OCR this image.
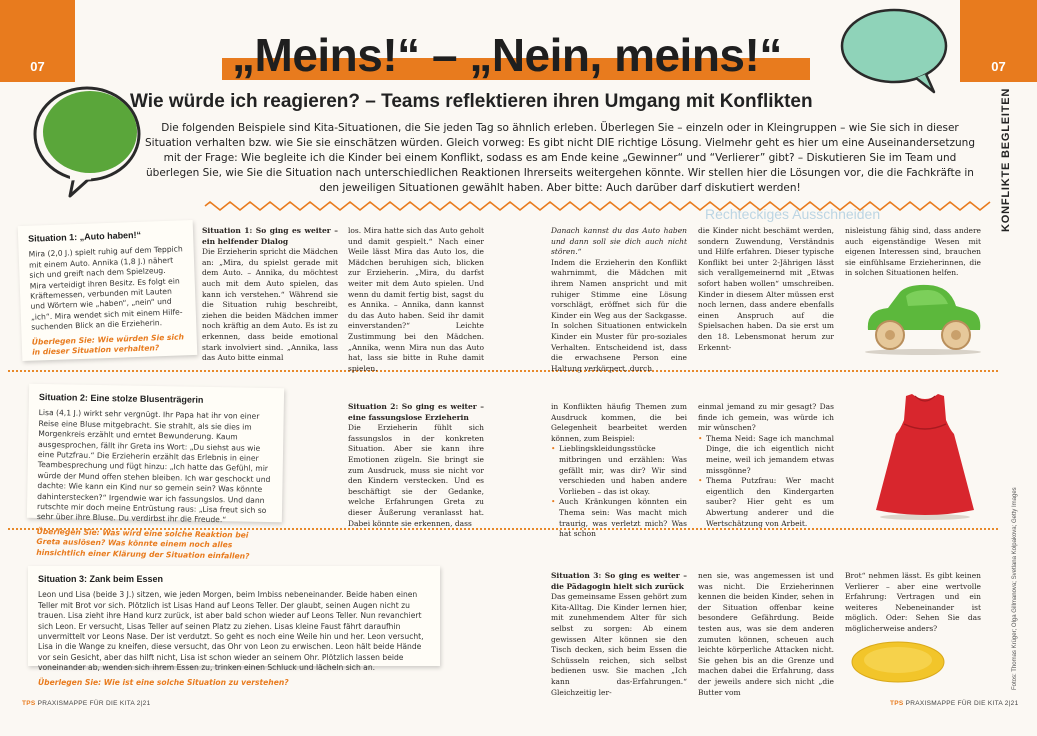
07	07
„Meins!“ – „Nein, meins!“
Wie würde ich reagieren? – Teams reflektieren ihren Umgang mit Konflikten
Die folgenden Beispiele sind Kita-Situationen, die Sie jeden Tag so ähnlich erleben. Überlegen Sie – einzeln oder in Kleingruppen – wie Sie sich in dieser Situation verhalten bzw. wie Sie sie einschätzen würden. Gleich vorweg: Es gibt nicht DIE richtige Lösung. Vielmehr geht es hier um eine Auseinandersetzung mit der Frage: Wie begleite ich die Kinder bei einem Konflikt, sodass es am Ende keine „Gewinner“ und “Verlierer” gibt? – Diskutieren Sie im Team und überlegen Sie, wie Sie die Situation nach unterschiedlichen Reaktionen Ihrerseits weitergehen könnte. Wir stellen hier die Lösungen vor, die die Fachkräfte in den jeweiligen Situationen gewählt haben. Aber bitte: Auch darüber darf diskutiert werden!	KONFLIKTE BEGLEITEN
Rechteckiges Ausschneiden
Situation 1: „Auto haben!“
Mira (2,0 J.) spielt ruhig auf dem Teppich mit einem Auto. Annika (1,8 J.) nähert sich und greift nach dem Spielzeug. Mira verteidigt ihren Besitz. Es folgt ein Kräftemessen, verbunden mit Lauten und Wörtern wie „haben“, „nein“ und „ich“. Mira wendet sich mit einem Hilfe-suchenden Blick an die Erzieherin.
Überlegen Sie: Wie würden Sie sich in dieser Situation verhalten?
Situation 1: So ging es weiter – ein helfender Dialog
Die Erzieherin spricht die Mädchen an: „Mira, du spielst gerade mit dem Auto. – Annika, du möchtest auch mit dem Auto spielen, das kann ich verstehen.“ Während sie die Situation ruhig beschreibt, ziehen die beiden Mädchen immer noch kräftig an dem Auto. Es ist zu erkennen, dass beide emotional stark involviert sind. „Annika, lass das Auto bitte einmal
los. Mira hatte sich das Auto geholt und damit gespielt.“ Nach einer Weile lässt Mira das Auto los, die Mädchen beruhigen sich, blicken zur Erzieherin. „Mira, du darfst weiter mit dem Auto spielen. Und wenn du damit fertig bist, sagst du es Annika. – Annika, dann kannst du das Auto haben. Seid ihr damit einverstanden?“ Leichte Zustimmung bei den Mädchen. „Annika, wenn Mira nun das Auto hat, lass sie bitte in Ruhe damit spielen.
Danach kannst du das Auto haben und dann soll sie dich auch nicht stören.“
Indem die Erzieherin den Konflikt wahrnimmt, die Mädchen mit ihrem Namen anspricht und mit ruhiger Stimme eine Lösung vorschlägt, eröffnet sich für die Kinder ein Weg aus der Sackgasse. In solchen Situationen entwickeln Kinder ein Muster für pro-soziales Verhalten. Entscheidend ist, dass die erwachsene Person eine Haltung verkörpert, durch
die Kinder nicht beschämt werden, sondern Zuwendung, Verständnis und Hilfe erfahren. Dieser typische Konflikt bei unter 2-Jährigen lässt sich verallgemeinernd mit „Etwas sofort haben wollen“ umschreiben. Kinder in diesem Alter müssen erst noch lernen, dass andere ebenfalls einen Anspruch auf die Spielsachen haben. Da sie erst um den 18. Lebensmonat herum zur Erkennt-
nisleistung fähig sind, dass andere auch eigenständige Wesen mit eigenen Interessen sind, brauchen sie einfühlsame Erzieherinnen, die in solchen Situationen helfen.
Situation 2: Eine stolze Blusenträgerin
Lisa (4,1 J.) wirkt sehr vergnügt. Ihr Papa hat ihr von einer Reise eine Bluse mitgebracht. Sie strahlt, als sie dies im Morgenkreis erzählt und erntet Bewunderung. Kaum ausgesprochen, fällt ihr Greta ins Wort: „Du siehst aus wie eine Putzfrau.“ Die Erzieherin erzählt das Erlebnis in einer Teambesprechung und fügt hinzu: „Ich hatte das Gefühl, mir würde der Mund offen stehen bleiben. Ich war geschockt und dachte: Wie kann ein Kind nur so gemein sein? Was könnte dahinterstecken?“ Irgendwie war ich fassungslos. Und dann rutschte mir doch meine Entrüstung raus: „Lisa freut sich so sehr über ihre Bluse. Du verdirbst ihr die Freude.“
Überlegen Sie: Was wird eine solche Reaktion bei Greta auslösen? Was könnte einem noch alles hinsichtlich einer Klärung der Situation einfallen?
Situation 2: So ging es weiter – eine fassungslose Erzieherin
Die Erzieherin fühlt sich fassungslos in der konkreten Situation. Aber sie kann ihre Emotionen zügeln. Sie bringt sie zum Ausdruck, muss sie nicht vor den Kindern verstecken. Und es beschäftigt sie der Gedanke, welche Erfahrungen Greta zu dieser Äußerung veranlasst hat. Dabei könnte sie erkennen, dass
in Konflikten häufig Themen zum Ausdruck kommen, die bei Gelegenheit bearbeitet werden können, zum Beispiel:
• Lieblingskleidungsstücke mitbringen und erzählen: Was gefällt mir, was dir? Wir sind verschieden und haben andere Vorlieben – das ist okay.
• Auch Kränkungen könnten ein Thema sein: Was macht mich traurig, was verletzt mich? Was hat schon
einmal jemand zu mir gesagt? Das finde ich gemein, was würde ich mir wünschen?
• Thema Neid: Sage ich manchmal Dinge, die ich eigentlich nicht meine, weil ich jemandem etwas missgönne?
• Thema Putzfrau: Wer macht eigentlich den Kindergarten sauber? Hier geht es um Abwertung anderer und die Wertschätzung von Arbeit.
Situation 3: Zank beim Essen
Leon und Lisa (beide 3 J.) sitzen, wie jeden Morgen, beim Imbiss nebeneinander. Beide haben einen Teller mit Brot vor sich. Plötzlich ist Lisas Hand auf Leons Teller. Der glaubt, seinen Augen nicht zu trauen. Lisa zieht ihre Hand kurz zurück, ist aber bald schon wieder auf Leons Teller. Nun revanchiert sich Leon. Er versucht, Lisas Teller auf seinen Platz zu ziehen. Lisas kleine Faust fährt daraufhin unvermittelt vor Leons Nase. Der ist verdutzt. So geht es noch eine Weile hin und her. Leon versucht, Lisa in die Wange zu kneifen, diese versucht, das Ohr von Leon zu erwischen. Leon hält beide Hände vor sein Gesicht, aber das hilft nicht, Lisa ist schon wieder an seinem Ohr. Plötzlich lassen beide voneinander ab, wenden sich ihrem Essen zu, trinken einen Schluck und lächeln sich an.
Überlegen Sie: Wie ist eine solche Situation zu verstehen?
Situation 3: So ging es weiter – die Pädagogin hielt sich zurück
Das gemeinsame Essen gehört zum Kita-Alltag. Die Kinder lernen hier, mit zunehmendem Alter für sich selbst zu sorgen: Ab einem gewissen Alter können sie den Tisch decken, sich beim Essen die Schüsseln reichen, sich selbst bedienen usw. Sie machen „Ich kann das-Erfahrungen.“ Gleichzeitig ler-
nen sie, was angemessen ist und was nicht. Die Erzieherinnen kennen die beiden Kinder, sehen in der Situation offenbar keine besondere Gefährdung. Beide testen aus, was sie dem anderen zumuten können, scheuen auch leichte körperliche Attacken nicht. Sie gehen bis an die Grenze und machen dabei die Erfahrung, dass der jeweils andere sich nicht „die Butter vom
Brot“ nehmen lässt. Es gibt keinen Verlierer – aber eine wertvolle Erfahrung: Vertragen und ein weiteres Nebeneinander ist möglich. Oder: Sehen Sie das möglicherweise anders?	Fotos: Thomas Krüger; Olga Gillmanova; Svetlana Kolpakova; Getty Images
TPS PRAXISMAPPE FÜR DIE KITA 2|21	TPS PRAXISMAPPE FÜR DIE KITA 2|21
